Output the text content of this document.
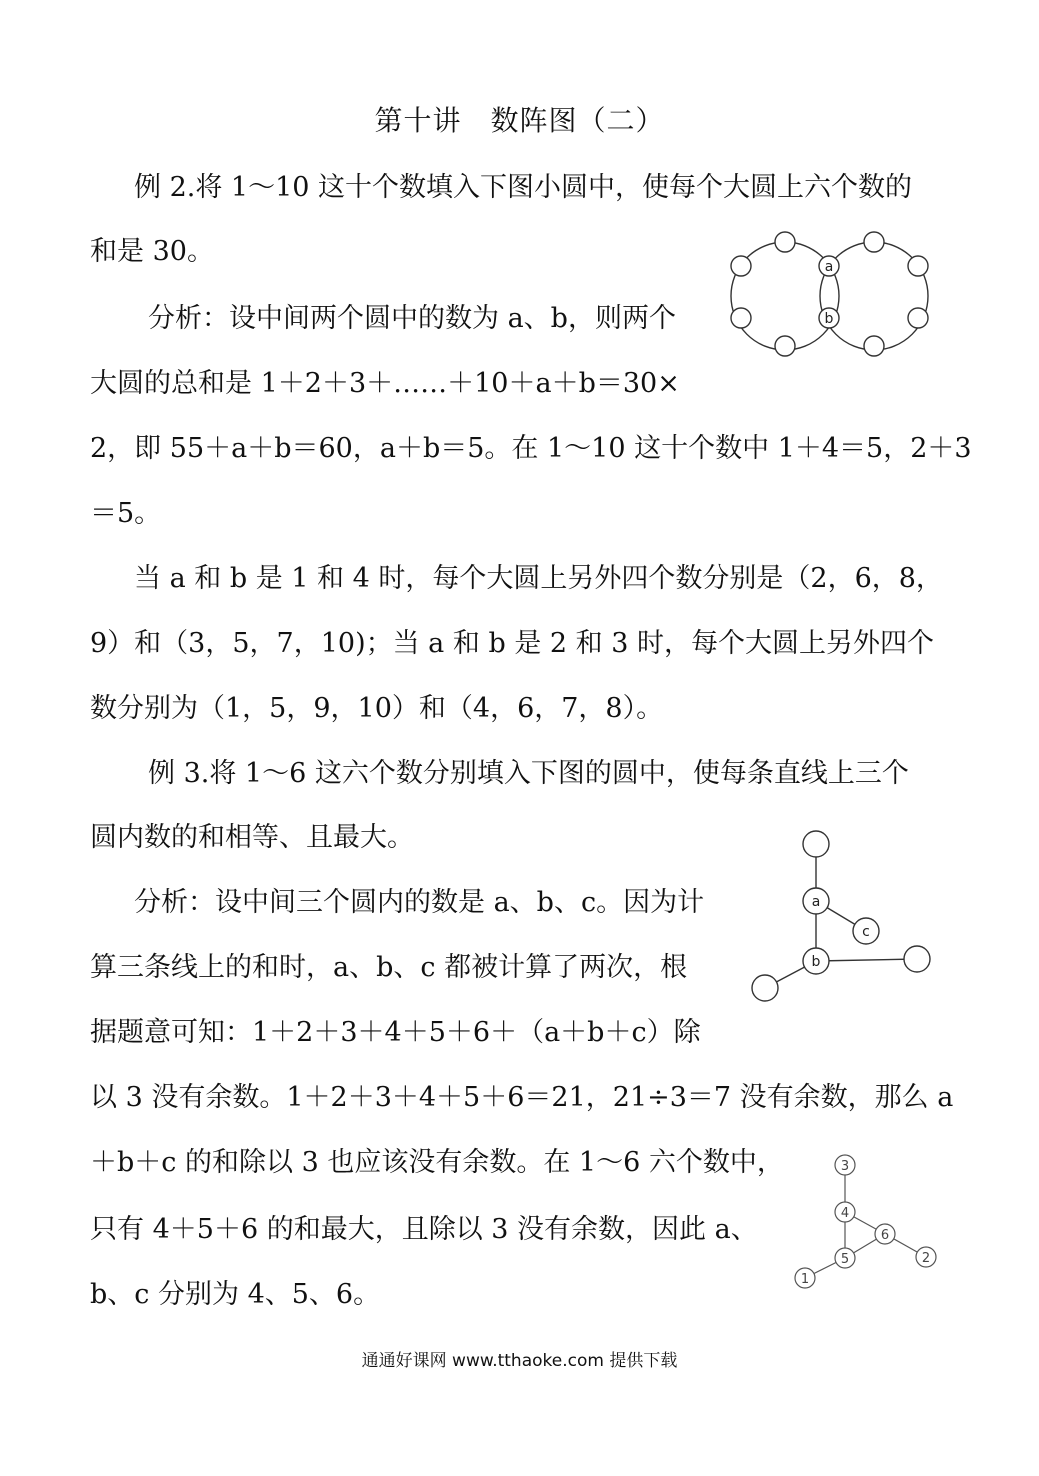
第十讲　数阵图（二）
例 2.将 1～10 这十个数填入下图小圆中，使每个大圆上六个数的
和是 30。
分析：设中间两个圆中的数为 a、b，则两个
大圆的总和是 1＋2＋3＋……＋10＋a＋b＝30×
2，即 55＋a＋b＝60，a＋b＝5。在 1～10 这十个数中 1＋4＝5，2＋3
＝5。
当 a 和 b 是 1 和 4 时，每个大圆上另外四个数分别是（2，6，8，
9）和（3，5，7，10)；当 a 和 b 是 2 和 3 时，每个大圆上另外四个
数分别为（1，5，9，10）和（4，6，7，8）。
a
b
例 3.将 1～6 这六个数分别填入下图的圆中，使每条直线上三个
圆内数的和相等、且最大。
分析：设中间三个圆内的数是 a、b、c。因为计
算三条线上的和时，a、b、c 都被计算了两次，根
据题意可知：1＋2＋3＋4＋5＋6＋（a＋b＋c）除
以 3 没有余数。1＋2＋3＋4＋5＋6＝21，21÷3＝7 没有余数，那么 a
＋b＋c 的和除以 3 也应该没有余数。在 1～6 六个数中，
只有 4＋5＋6 的和最大，且除以 3 没有余数，因此 a、
b、c 分别为 4、5、6。
a
c
b
3
4
6
2
5
1
通通好课网 www.tthaoke.com 提供下载
